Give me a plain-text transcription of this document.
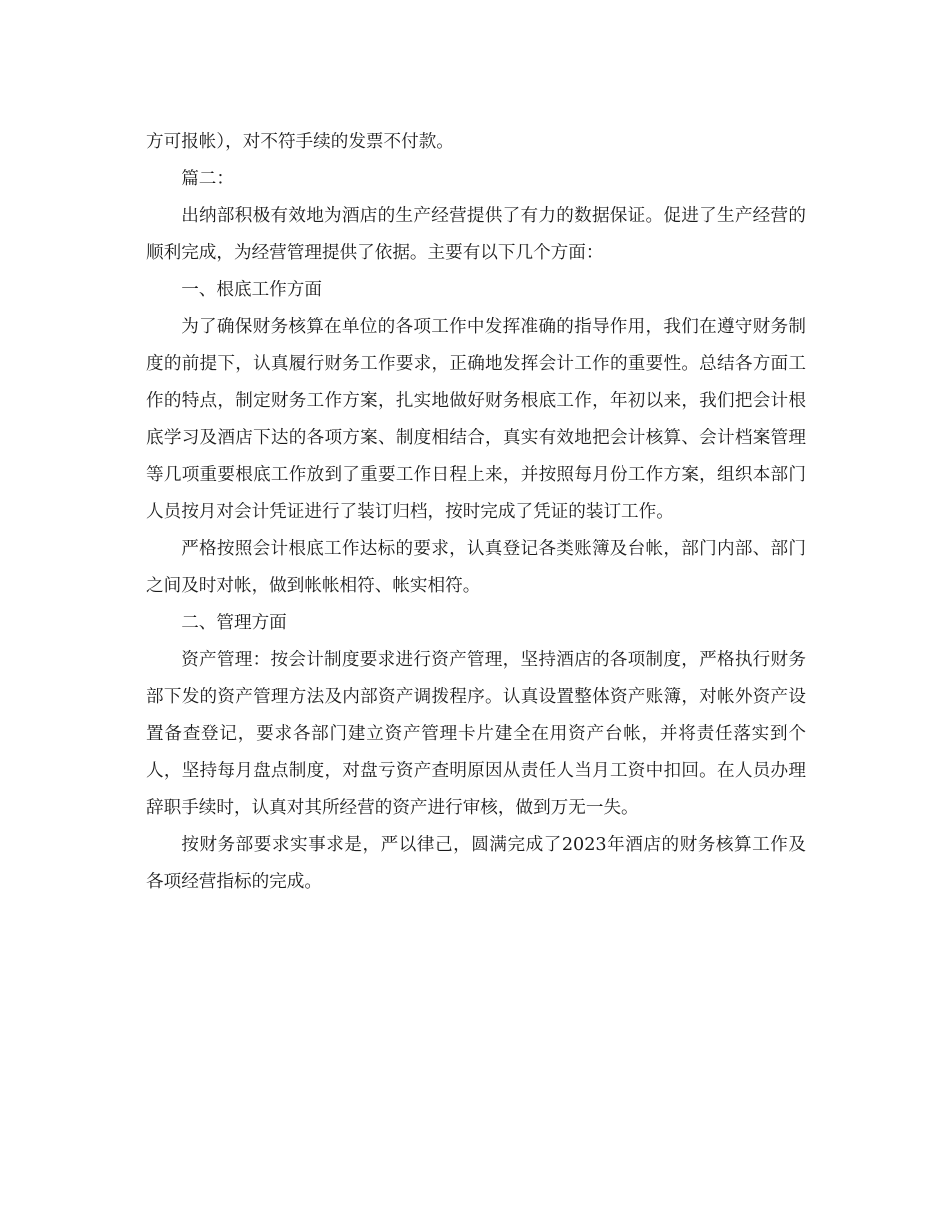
方可报帐），对不符手续的发票不付款。

篇二：

出纳部积极有效地为酒店的生产经营提供了有力的数据保证。促进了生产经营的顺利完成，为经营管理提供了依据。主要有以下几个方面：

一、根底工作方面

为了确保财务核算在单位的各项工作中发挥准确的指导作用，我们在遵守财务制度的前提下，认真履行财务工作要求，正确地发挥会计工作的重要性。总结各方面工作的特点，制定财务工作方案，扎实地做好财务根底工作，年初以来，我们把会计根底学习及酒店下达的各项方案、制度相结合，真实有效地把会计核算、会计档案管理等几项重要根底工作放到了重要工作日程上来，并按照每月份工作方案，组织本部门人员按月对会计凭证进行了装订归档，按时完成了凭证的装订工作。

严格按照会计根底工作达标的要求，认真登记各类账簿及台帐，部门内部、部门之间及时对帐，做到帐帐相符、帐实相符。

二、管理方面

资产管理：按会计制度要求进行资产管理，坚持酒店的各项制度，严格执行财务部下发的资产管理方法及内部资产调拨程序。认真设置整体资产账簿，对帐外资产设置备查登记，要求各部门建立资产管理卡片建全在用资产台帐，并将责任落实到个人，坚持每月盘点制度，对盘亏资产查明原因从责任人当月工资中扣回。在人员办理辞职手续时，认真对其所经营的资产进行审核，做到万无一失。

按财务部要求实事求是，严以律己，圆满完成了2023年酒店的财务核算工作及各项经营指标的完成。
